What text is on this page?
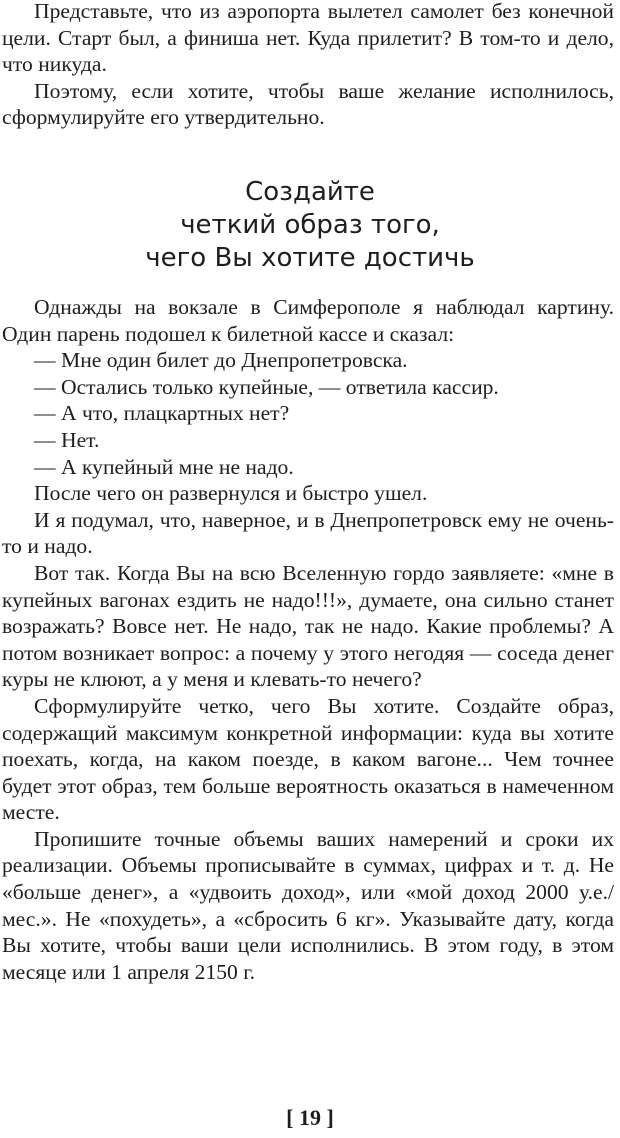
Представьте, что из аэропорта вылетел самолет без конечной цели. Старт был, а финиша нет. Куда прилетит? В том-то и дело, что никуда.

Поэтому, если хотите, чтобы ваше желание исполнилось, сформулируйте его утвердительно.

Создайте
четкий образ того,
чего Вы хотите достичь

Однажды на вокзале в Симферополе я наблюдал картину. Один парень подошел к билетной кассе и сказал:

— Мне один билет до Днепропетровска.

— Остались только купейные, — ответила кассир.

— А что, плацкартных нет?

— Нет.

— А купейный мне не надо.

После чего он развернулся и быстро ушел.

И я подумал, что, наверное, и в Днепропетровск ему не очень-то и надо.

Вот так. Когда Вы на всю Вселенную гордо заявляете: «мне в купейных вагонах ездить не надо!!!», думаете, она сильно станет возражать? Вовсе нет. Не надо, так не надо. Какие проблемы? А потом возникает вопрос: а почему у этого негодяя — соседа денег куры не клюют, а у меня и клевать-то нечего?

Сформулируйте четко, чего Вы хотите. Создайте образ, содержащий максимум конкретной информации: куда вы хотите поехать, когда, на каком поезде, в каком вагоне... Чем точнее будет этот образ, тем больше вероятность оказаться в намеченном месте.

Пропишите точные объемы ваших намерений и сроки их реализации. Объемы прописывайте в суммах, цифрах и т. д. Не «больше денег», а «удвоить доход», или «мой доход 2000 у.е./мес.». Не «похудеть», а «сбросить 6 кг». Указывайте дату, когда Вы хотите, чтобы ваши цели исполнились. В этом году, в этом месяце или 1 апреля 2150 г.

[ 19 ]
